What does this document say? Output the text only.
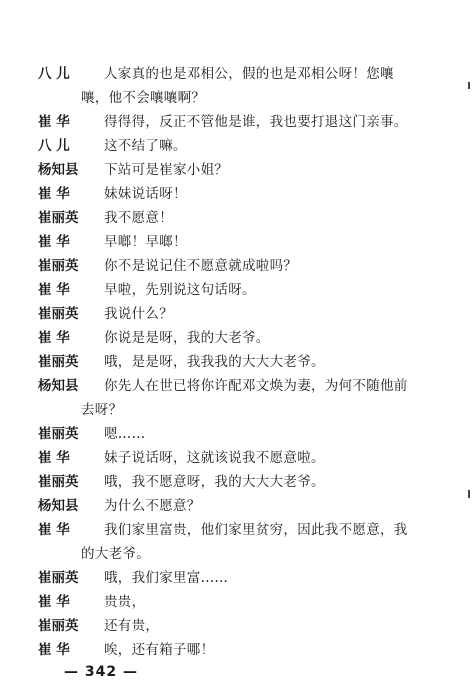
八 儿	人家真的也是邓相公，假的也是邓相公呀！您嚷
嚷，他不会嚷嚷啊？
崔 华	得得得，反正不管他是谁，我也要打退这门亲事。
八 儿	这不结了嘛。
杨知县	下站可是崔家小姐？
崔 华	妹妹说话呀！
崔丽英	我不愿意！
崔 华	早啷！早啷！
崔丽英	你不是说记住不愿意就成啦吗？
崔 华	早啦，先别说这句话呀。
崔丽英	我说什么？
崔 华	你说是是呀，我的大老爷。
崔丽英	哦，是是呀，我我我的大大大老爷。
杨知县	你先人在世已将你许配邓文焕为妻，为何不随他前
去呀？
崔丽英	嗯……
崔 华	妹子说话呀，这就该说我不愿意啦。
崔丽英	哦，我不愿意呀，我的大大大老爷。
杨知县	为什么不愿意？
崔 华	我们家里富贵，他们家里贫穷，因此我不愿意，我
的大老爷。
崔丽英	哦，我们家里富……
崔 华	贵贵，
崔丽英	还有贵，
崔 华	唉，还有箱子哪！
— 342 —
